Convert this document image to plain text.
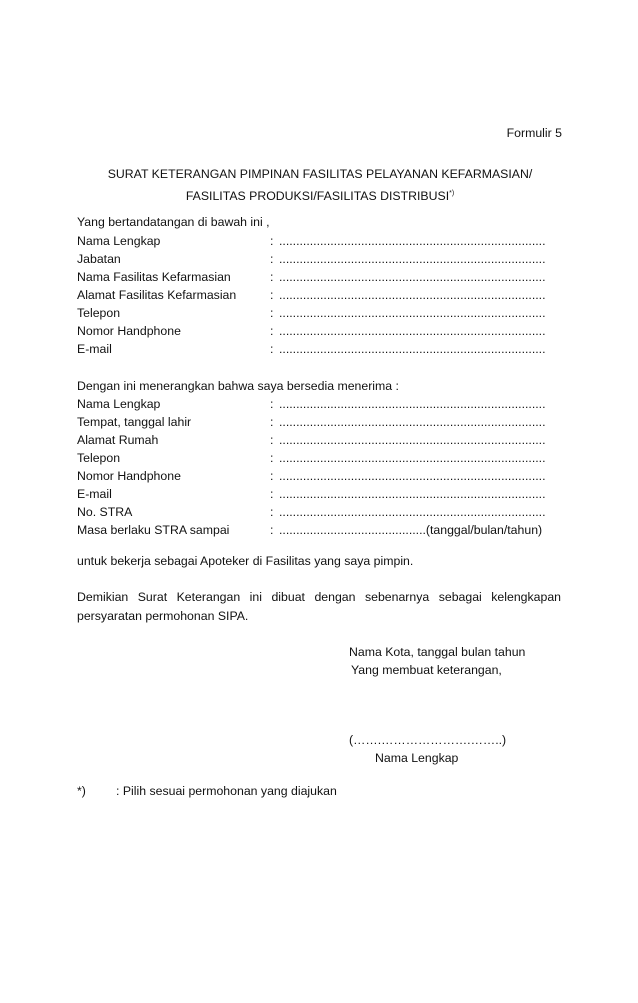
Formulir 5
SURAT KETERANGAN PIMPINAN FASILITAS PELAYANAN KEFARMASIAN/
FASILITAS PRODUKSI/FASILITAS DISTRIBUSI*)
Yang bertandatangan di bawah ini ,
Nama Lengkap	: ..............................................................................
Jabatan	: ..............................................................................
Nama Fasilitas Kefarmasian	: ..............................................................................
Alamat Fasilitas Kefarmasian	: ..............................................................................
Telepon	: ..............................................................................
Nomor Handphone	: ..............................................................................
E-mail	: ..............................................................................
Dengan ini menerangkan bahwa saya bersedia menerima :
Nama Lengkap	: ..............................................................................
Tempat, tanggal lahir	: ..............................................................................
Alamat Rumah	: ..............................................................................
Telepon	: ..............................................................................
Nomor Handphone	: ..............................................................................
E-mail	: ..............................................................................
No. STRA	: ..............................................................................
Masa berlaku STRA sampai	: ...........................................(tanggal/bulan/tahun)
untuk bekerja sebagai Apoteker di Fasilitas yang saya pimpin.
Demikian Surat Keterangan ini dibuat dengan sebenarnya sebagai kelengkapan persyaratan permohonan SIPA.
Nama Kota, tanggal bulan tahun
Yang membuat keterangan,
(…….………………….……..)
Nama Lengkap
*) : Pilih sesuai permohonan yang diajukan
